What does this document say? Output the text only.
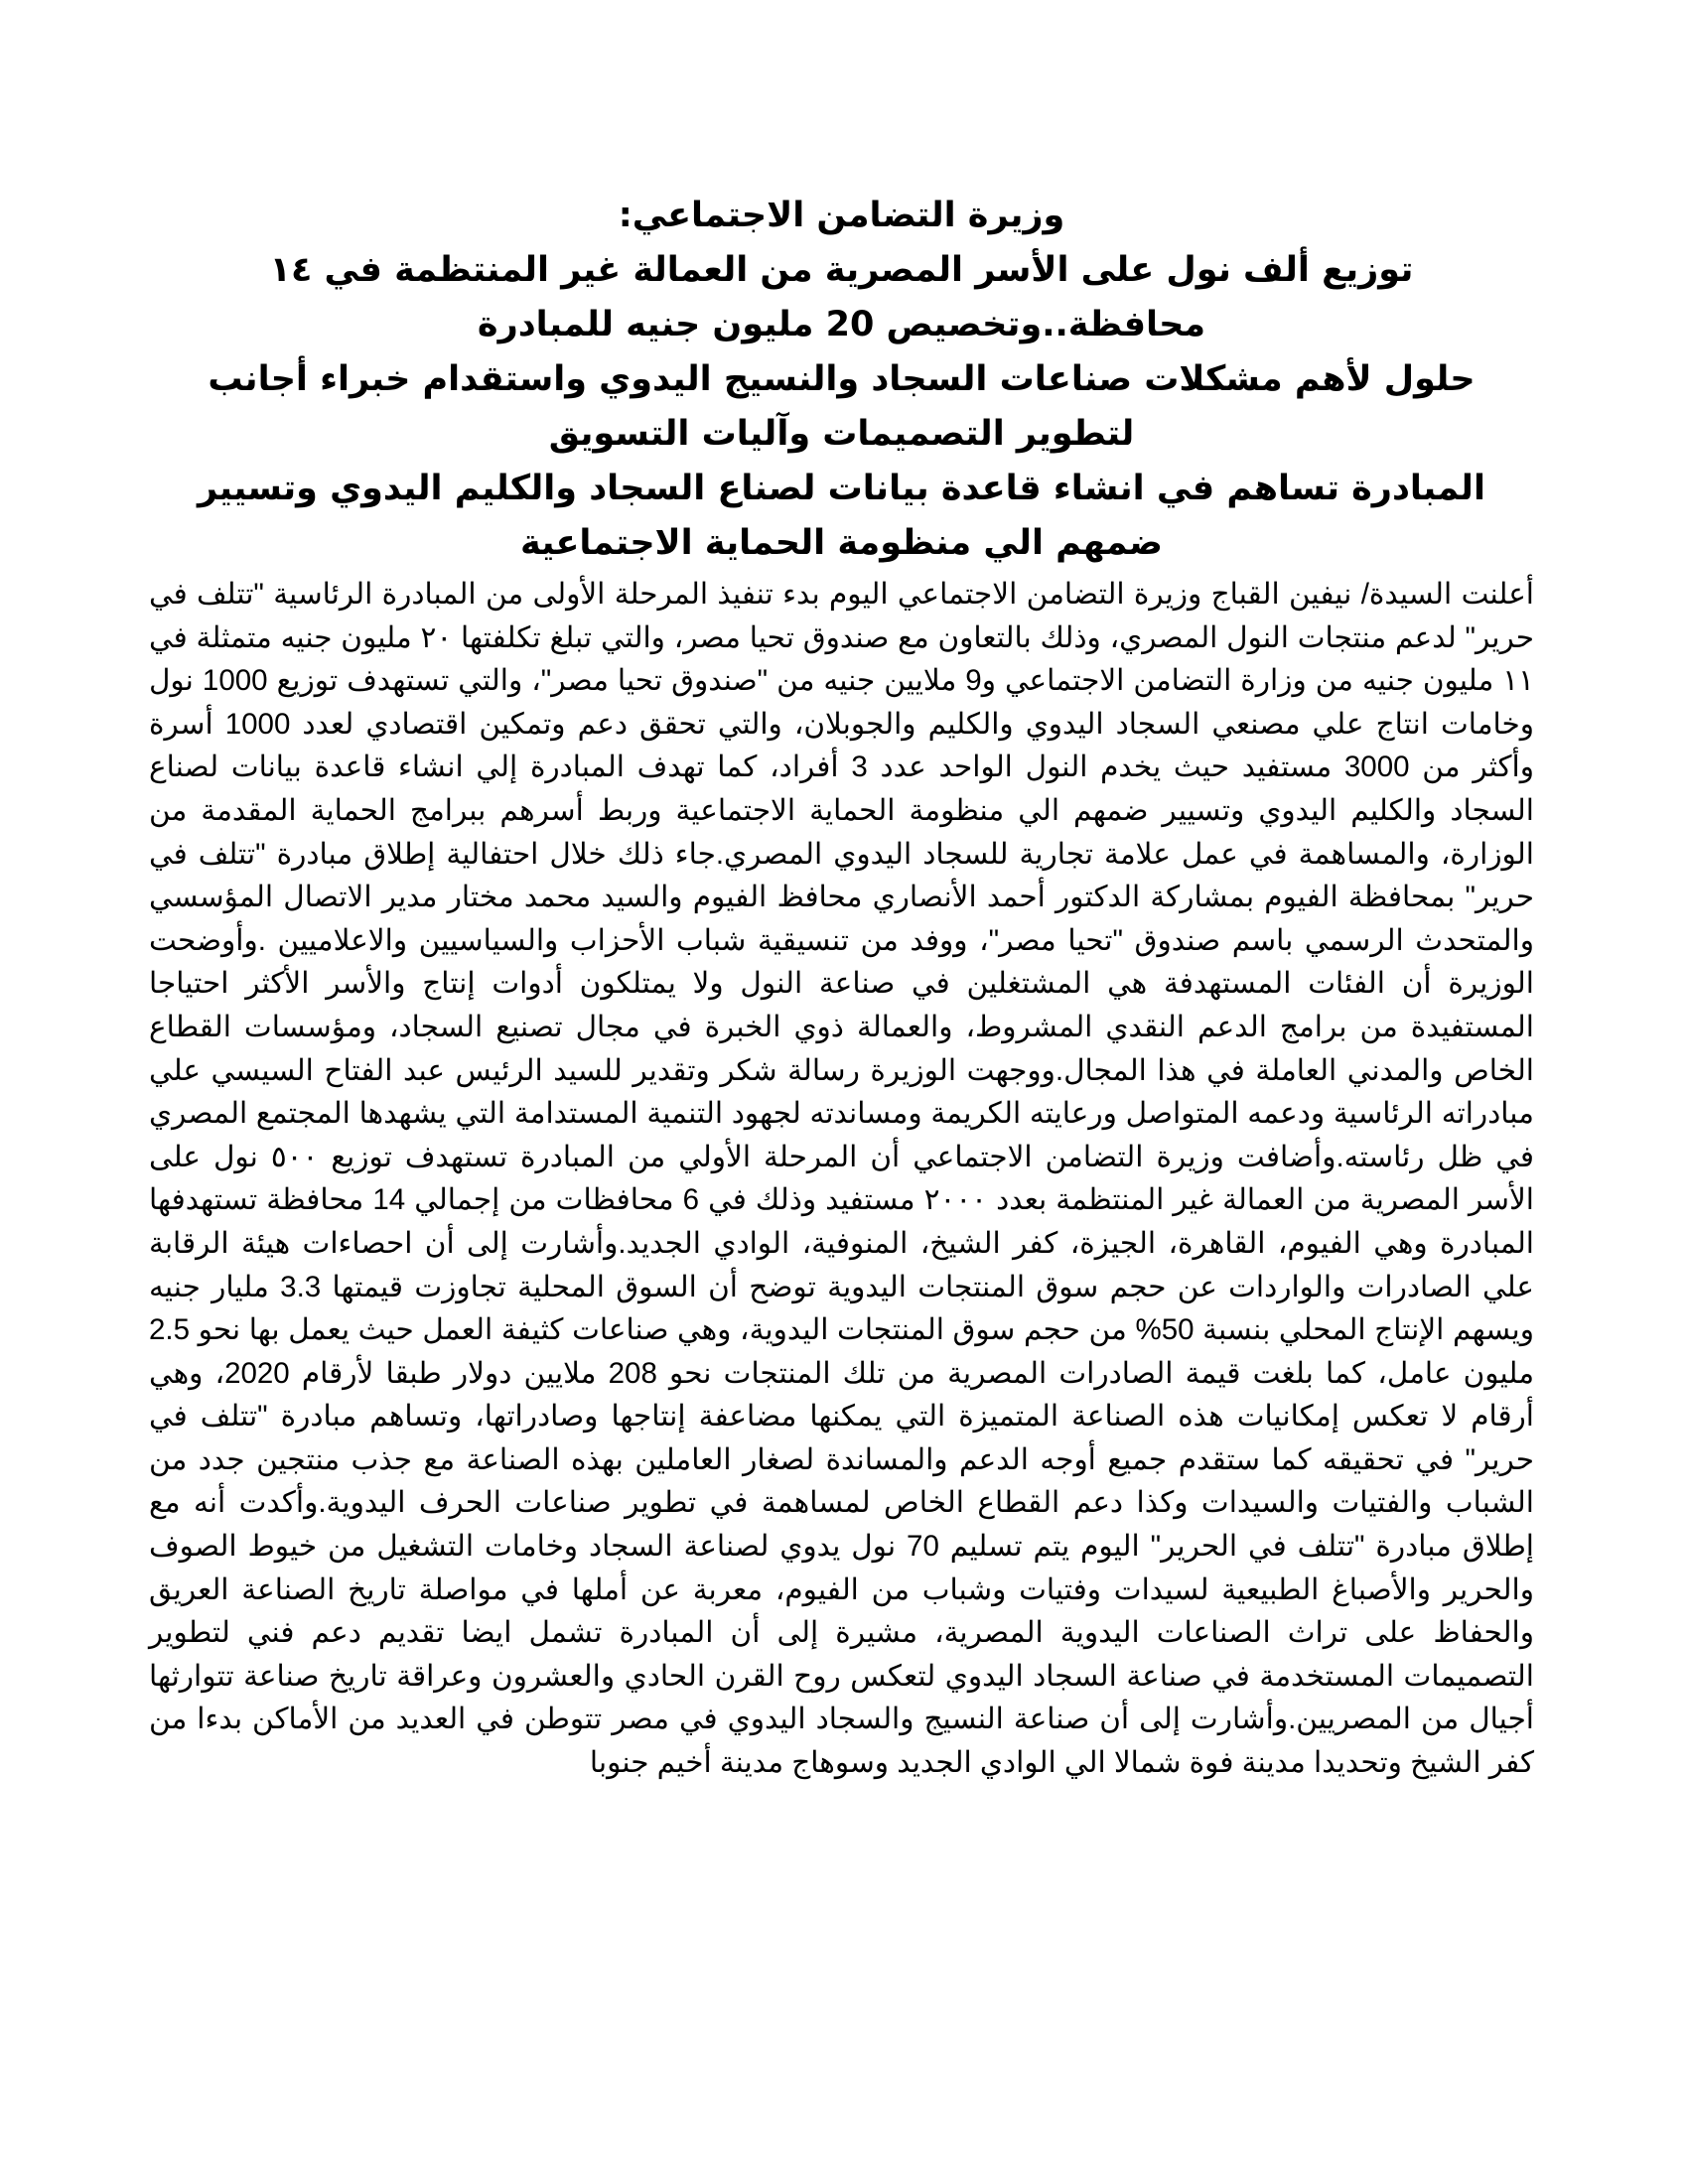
وزيرة التضامن الاجتماعي:

توزيع ألف نول على الأسر المصرية من العمالة غير المنتظمة في ١٤ محافظة..وتخصيص 20 مليون جنيه للمبادرة

حلول لأهم مشكلات صناعات السجاد والنسيج اليدوي واستقدام خبراء أجانب لتطوير التصميمات وآليات التسويق

المبادرة تساهم في انشاء قاعدة بيانات لصناع السجاد والكليم اليدوي وتسيير ضمهم الي منظومة الحماية الاجتماعية

أعلنت السيدة/ نيفين القباج وزيرة التضامن الاجتماعي اليوم بدء تنفيذ المرحلة الأولى من المبادرة الرئاسية "تتلف في حرير" لدعم منتجات النول المصري، وذلك بالتعاون مع صندوق تحيا مصر، والتي تبلغ تكلفتها ٢٠ مليون جنيه متمثلة في ١١ مليون جنيه من وزارة التضامن الاجتماعي و9 ملايين جنيه من "صندوق تحيا مصر"، والتي تستهدف توزيع 1000 نول وخامات انتاج علي مصنعي السجاد اليدوي والكليم والجوبلان، والتي تحقق دعم وتمكين اقتصادي لعدد 1000 أسرة وأكثر من 3000 مستفيد حيث يخدم النول الواحد عدد 3 أفراد، كما تهدف المبادرة إلي انشاء قاعدة بيانات لصناع السجاد والكليم اليدوي وتسيير ضمهم الي منظومة الحماية الاجتماعية وربط أسرهم ببرامج الحماية المقدمة من الوزارة، والمساهمة في عمل علامة تجارية للسجاد اليدوي المصري.جاء ذلك خلال احتفالية إطلاق مبادرة "تتلف في حرير" بمحافظة الفيوم بمشاركة الدكتور أحمد الأنصاري محافظ الفيوم والسيد محمد مختار مدير الاتصال المؤسسي والمتحدث الرسمي باسم صندوق "تحيا مصر"، ووفد من تنسيقية شباب الأحزاب والسياسيين والاعلاميين .وأوضحت الوزيرة أن الفئات المستهدفة هي المشتغلين في صناعة النول ولا يمتلكون أدوات إنتاج والأسر الأكثر احتياجا المستفيدة من برامج الدعم النقدي المشروط، والعمالة ذوي الخبرة في مجال تصنيع السجاد، ومؤسسات القطاع الخاص والمدني العاملة في هذا المجال.ووجهت الوزيرة رسالة شكر وتقدير للسيد الرئيس عبد الفتاح السيسي علي مبادراته الرئاسية ودعمه المتواصل ورعايته الكريمة ومساندته لجهود التنمية المستدامة التي يشهدها المجتمع المصري في ظل رئاسته.وأضافت وزيرة التضامن الاجتماعي أن المرحلة الأولي من المبادرة تستهدف توزيع ٥٠٠ نول على الأسر المصرية من العمالة غير المنتظمة بعدد ٢٠٠٠ مستفيد وذلك في 6 محافظات من إجمالي 14 محافظة تستهدفها المبادرة وهي الفيوم، القاهرة، الجيزة، كفر الشيخ، المنوفية، الوادي الجديد.وأشارت إلى أن احصاءات هيئة الرقابة علي الصادرات والواردات عن حجم سوق المنتجات اليدوية توضح أن السوق المحلية تجاوزت قيمتها 3.3 مليار جنيه ويسهم الإنتاج المحلي بنسبة 50% من حجم سوق المنتجات اليدوية، وهي صناعات كثيفة العمل حيث يعمل بها نحو 2.5 مليون عامل، كما بلغت قيمة الصادرات المصرية من تلك المنتجات نحو 208 ملايين دولار طبقا لأرقام 2020، وهي أرقام لا تعكس إمكانيات هذه الصناعة المتميزة التي يمكنها مضاعفة إنتاجها وصادراتها، وتساهم مبادرة "تتلف في حرير" في تحقيقه كما ستقدم جميع أوجه الدعم والمساندة لصغار العاملين بهذه الصناعة مع جذب منتجين جدد من الشباب والفتيات والسيدات وكذا دعم القطاع الخاص لمساهمة في تطوير صناعات الحرف اليدوية.وأكدت أنه مع إطلاق مبادرة "تتلف في الحرير" اليوم يتم تسليم 70 نول يدوي لصناعة السجاد وخامات التشغيل من خيوط الصوف والحرير والأصباغ الطبيعية لسيدات وفتيات وشباب من الفيوم، معربة عن أملها في مواصلة تاريخ الصناعة العريق والحفاظ على تراث الصناعات اليدوية المصرية، مشيرة إلى أن المبادرة تشمل ايضا تقديم دعم فني لتطوير التصميمات المستخدمة في صناعة السجاد اليدوي لتعكس روح القرن الحادي والعشرون وعراقة تاريخ صناعة تتوارثها أجيال من المصريين.وأشارت إلى أن صناعة النسيج والسجاد اليدوي في مصر تتوطن في العديد من الأماكن بدءا من كفر الشيخ وتحديدا مدينة فوة شمالا الي الوادي الجديد وسوهاج مدينة أخيم جنوبا
